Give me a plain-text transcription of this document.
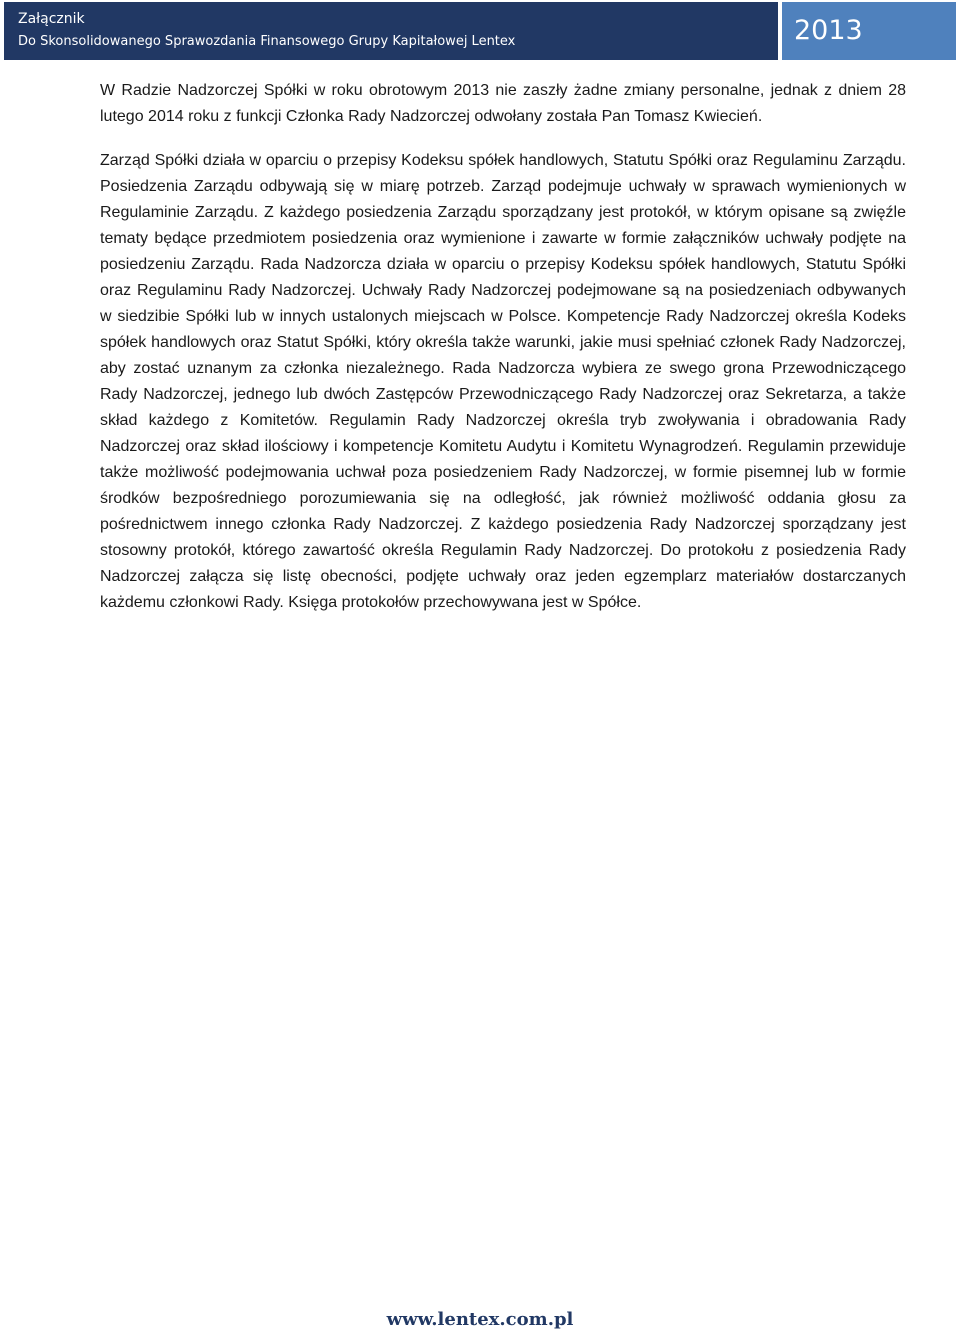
Załącznik
Do Skonsolidowanego Sprawozdania Finansowego Grupy Kapitałowej Lentex	2013

W Radzie Nadzorczej Spółki w roku obrotowym 2013 nie zaszły żadne zmiany personalne, jednak z dniem 28 lutego 2014 roku z funkcji Członka Rady Nadzorczej odwołany została Pan Tomasz Kwiecień.

Zarząd Spółki działa w oparciu o przepisy Kodeksu spółek handlowych, Statutu Spółki oraz Regulaminu Zarządu. Posiedzenia Zarządu odbywają się w miarę potrzeb. Zarząd podejmuje uchwały w sprawach wymienionych w Regulaminie Zarządu. Z każdego posiedzenia Zarządu sporządzany jest protokół, w którym opisane są zwięźle tematy będące przedmiotem posiedzenia oraz wymienione i zawarte w formie załączników uchwały podjęte na posiedzeniu Zarządu. Rada Nadzorcza działa w oparciu o przepisy Kodeksu spółek handlowych, Statutu Spółki oraz Regulaminu Rady Nadzorczej. Uchwały Rady Nadzorczej podejmowane są na posiedzeniach odbywanych w siedzibie Spółki lub w innych ustalonych miejscach w Polsce. Kompetencje Rady Nadzorczej określa Kodeks spółek handlowych oraz Statut Spółki, który określa także warunki, jakie musi spełniać członek Rady Nadzorczej, aby zostać uznanym za członka niezależnego. Rada Nadzorcza wybiera ze swego grona Przewodniczącego Rady Nadzorczej, jednego lub dwóch Zastępców Przewodniczącego Rady Nadzorczej oraz Sekretarza, a także skład każdego z Komitetów. Regulamin Rady Nadzorczej określa tryb zwoływania i obradowania Rady Nadzorczej oraz skład ilościowy i kompetencje Komitetu Audytu i Komitetu Wynagrodzeń. Regulamin przewiduje także możliwość podejmowania uchwał poza posiedzeniem Rady Nadzorczej, w formie pisemnej lub w formie środków bezpośredniego porozumiewania się na odległość, jak również możliwość oddania głosu za pośrednictwem innego członka Rady Nadzorczej. Z każdego posiedzenia Rady Nadzorczej sporządzany jest stosowny protokół, którego zawartość określa Regulamin Rady Nadzorczej. Do protokołu z posiedzenia Rady Nadzorczej załącza się listę obecności, podjęte uchwały oraz jeden egzemplarz materiałów dostarczanych każdemu członkowi Rady. Księga protokołów przechowywana jest w Spółce.

www.lentex.com.pl
